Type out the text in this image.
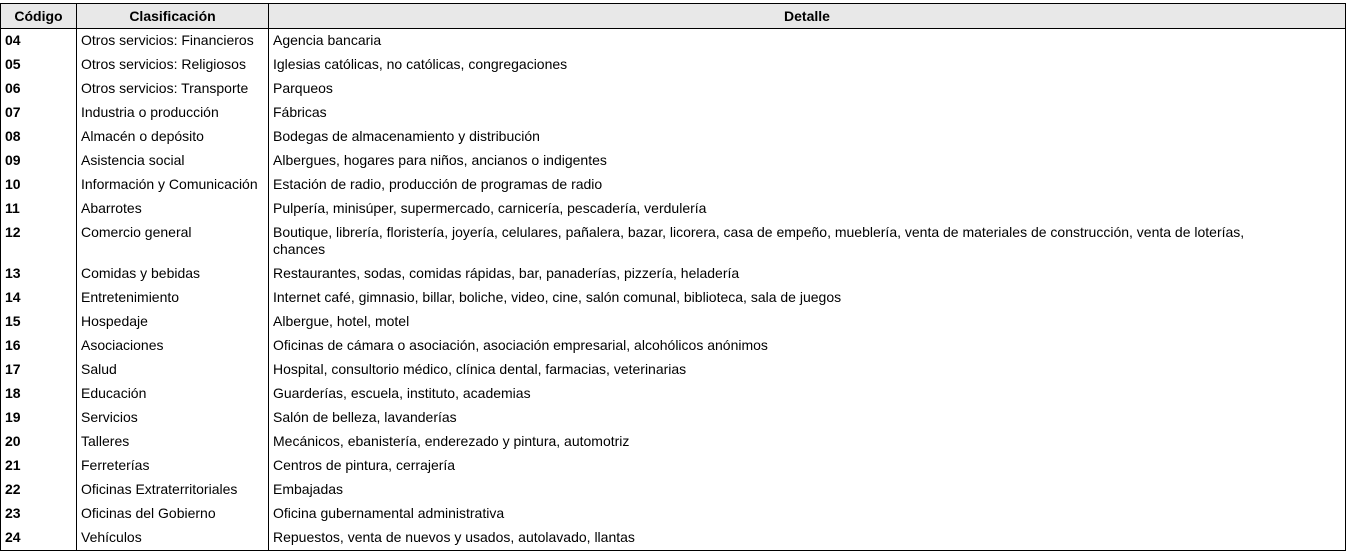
Código	Clasificación	Detalle
04	Otros servicios: Financieros	Agencia bancaria
05	Otros servicios: Religiosos	Iglesias católicas, no católicas, congregaciones
06	Otros servicios: Transporte	Parqueos
07	Industria o producción	Fábricas
08	Almacén o depósito	Bodegas de almacenamiento y distribución
09	Asistencia social	Albergues, hogares para niños, ancianos o indigentes
10	Información y Comunicación	Estación de radio, producción de programas de radio
11	Abarrotes	Pulpería, minisúper, supermercado, carnicería, pescadería, verdulería
12	Comercio general	Boutique, librería, floristería, joyería, celulares, pañalera, bazar, licorera, casa de empeño, mueblería, venta de materiales de construcción, venta de loterías, chances
13	Comidas y bebidas	Restaurantes, sodas, comidas rápidas, bar, panaderías, pizzería, heladería
14	Entretenimiento	Internet café, gimnasio, billar, boliche, video, cine, salón comunal, biblioteca, sala de juegos
15	Hospedaje	Albergue, hotel, motel
16	Asociaciones	Oficinas de cámara o asociación, asociación empresarial, alcohólicos anónimos
17	Salud	Hospital, consultorio médico, clínica dental, farmacias, veterinarias
18	Educación	Guarderías, escuela, instituto, academias
19	Servicios	Salón de belleza, lavanderías
20	Talleres	Mecánicos, ebanistería, enderezado y pintura, automotriz
21	Ferreterías	Centros de pintura, cerrajería
22	Oficinas Extraterritoriales	Embajadas
23	Oficinas del Gobierno	Oficina gubernamental administrativa
24	Vehículos	Repuestos, venta de nuevos y usados, autolavado, llantas
